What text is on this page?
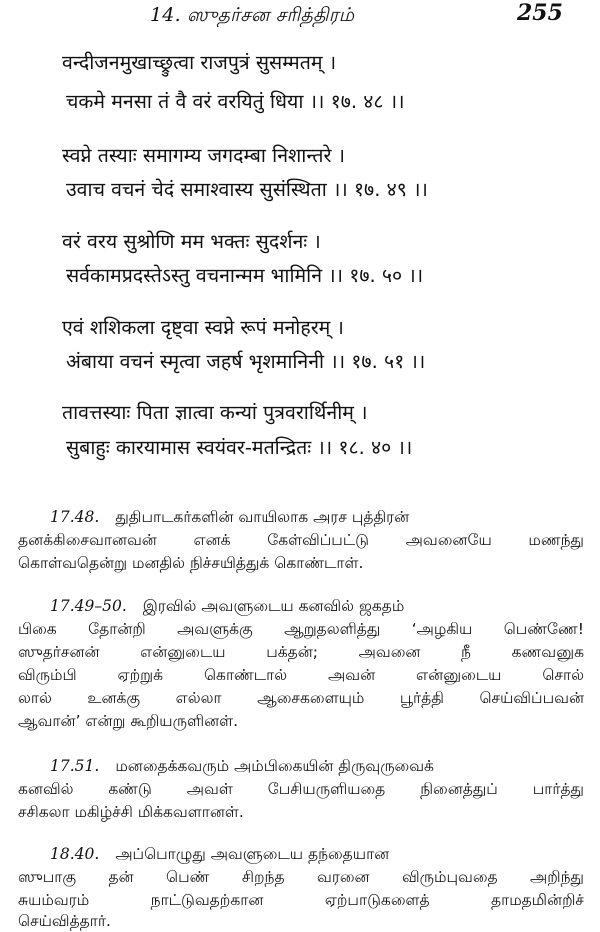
14. ஸுதர்சன சரித்திரம்	255
वन्दीजनमुखाच्छ्रुत्वा राजपुत्रं सुसम्मतम् ।
चकमे मनसा तं वै वरं वरयितुं धिया ।। १७. ४८ ।।
स्वप्ने तस्याः समागम्य जगदम्बा निशान्तरे ।
उवाच वचनं चेदं समाश्वास्य सुसंस्थिता ।। १७. ४९ ।।
वरं वरय सुश्रोणि मम भक्तः सुदर्शनः ।
सर्वकामप्रदस्तेऽस्तु वचनान्मम भामिनि ।। १७. ५० ।।
एवं शशिकला दृष्ट्वा स्वप्ने रूपं मनोहरम् ।
अंबाया वचनं स्मृत्वा जहर्ष भृशमानिनी ।। १७. ५१ ।।
तावत्तस्याः पिता ज्ञात्वा कन्यां पुत्रवरार्थिनीम् ।
सुबाहुः कारयामास स्वयंवर-मतन्द्रितः ।। १८. ४० ।।
17.48. துதிபாடகர்களின் வாயிலாக அரச புத்திரன்
தனக்கிசைவானவன் எனக் கேள்விப்பட்டு அவனையே மணந்து
கொள்வதென்று மனதில் நிச்சயித்துக் கொண்டாள்.
17.49–50. இரவில் அவளுடைய கனவில் ஜகதம்
பிகை தோன்றி அவளுக்கு ஆறுதலளித்து ‘அழகிய பெண்ணே!
ஸுதர்சனன் என்னுடைய பக்தன்; அவனை நீ கணவனுக
விரும்பி ஏற்றுக் கொண்டால் அவன் என்னுடைய சொல்
லால் உனக்கு எல்லா ஆசைகளையும் பூர்த்தி செய்விப்பவன்
ஆவான்’ என்று கூறியருளினள்.
17.51. மனதைக்கவரும் அம்பிகையின் திருவுருவைக்
கனவில் கண்டு அவள் பேசியருளியதை நினைத்துப் பார்த்து
சசிகலா மகிழ்ச்சி மிக்கவளானள்.
18.40. அப்பொழுது அவளுடைய தந்தையான
ஸுபாகு தன் பெண் சிறந்த வரனை விரும்புவதை அறிந்து
சுயம்வரம் நாட்டுவதற்கான ஏற்பாடுகளைத் தாமதமின்றிச்
செய்வித்தார்.
